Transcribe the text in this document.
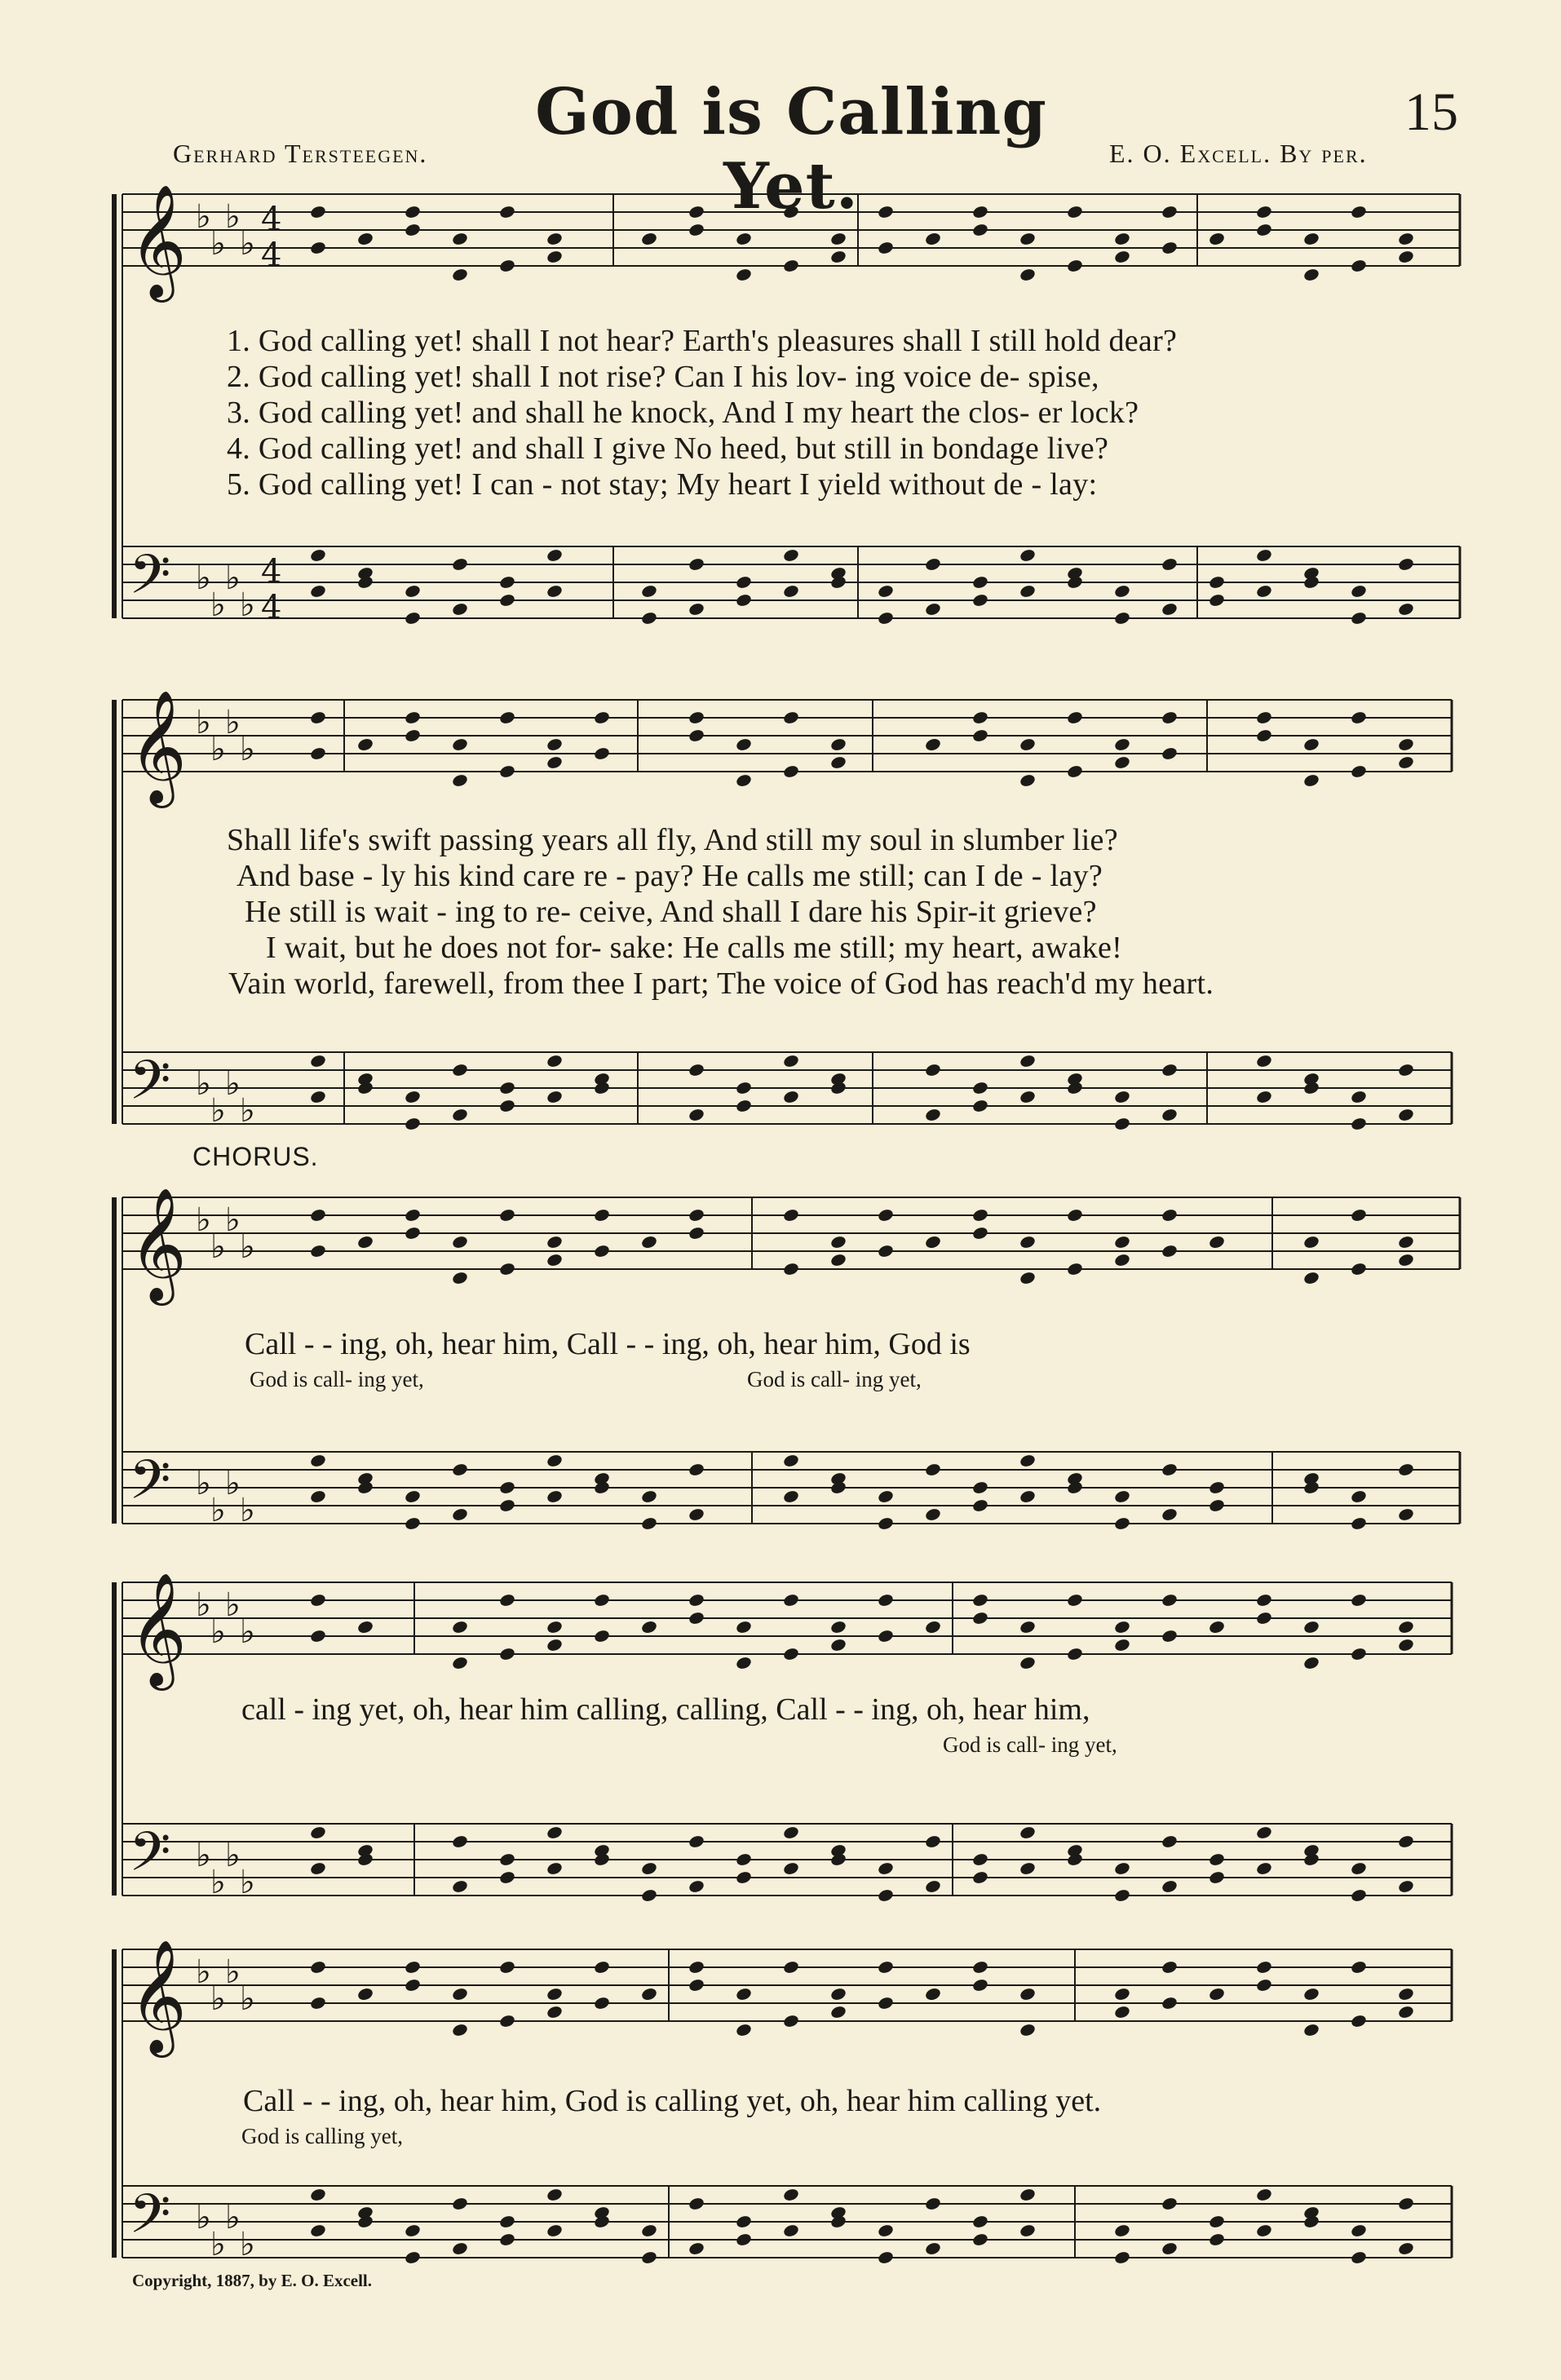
𝄞
𝄢
♭
♭
♭
♭
♭
♭
♭
♭
4
4
4
4
𝄞
𝄢
♭
♭
♭
♭
♭
♭
♭
♭
𝄞
𝄢
♭
♭
♭
♭
♭
♭
♭
♭
𝄞
𝄢
♭
♭
♭
♭
♭
♭
♭
♭
𝄞
𝄢
♭
♭
♭
♭
♭
♭
♭
♭
God is Calling Yet.
15
Gerhard Tersteegen.	E. O. Excell. By per.
1. God calling yet! shall I not hear? Earth's pleasures shall I still hold dear?
2. God calling yet! shall I not rise? Can I his lov- ing voice de- spise,
3. God calling yet! and shall he knock, And I my heart the clos- er lock?
4. God calling yet! and shall I give No heed, but still in bondage live?
5. God calling yet! I can - not stay; My heart I yield without de - lay:
Shall life's swift passing years all fly, And still my soul in slumber lie?
And base - ly his kind care re - pay? He calls me still; can I de - lay?
He still is wait - ing to re- ceive, And shall I dare his Spir-it grieve?
I wait, but he does not for- sake: He calls me still; my heart, awake!
Vain world, farewell, from thee I part; The voice of God has reach'd my heart.
CHORUS.
Call - - ing, oh, hear him, Call - - ing, oh, hear him, God is
God is call- ing yet,	God is call- ing yet,
call - ing yet, oh, hear him calling, calling, Call - - ing, oh, hear him,
God is call- ing yet,
Call - - ing, oh, hear him, God is calling yet, oh, hear him calling yet.
God is calling yet,
Copyright, 1887, by E. O. Excell.
